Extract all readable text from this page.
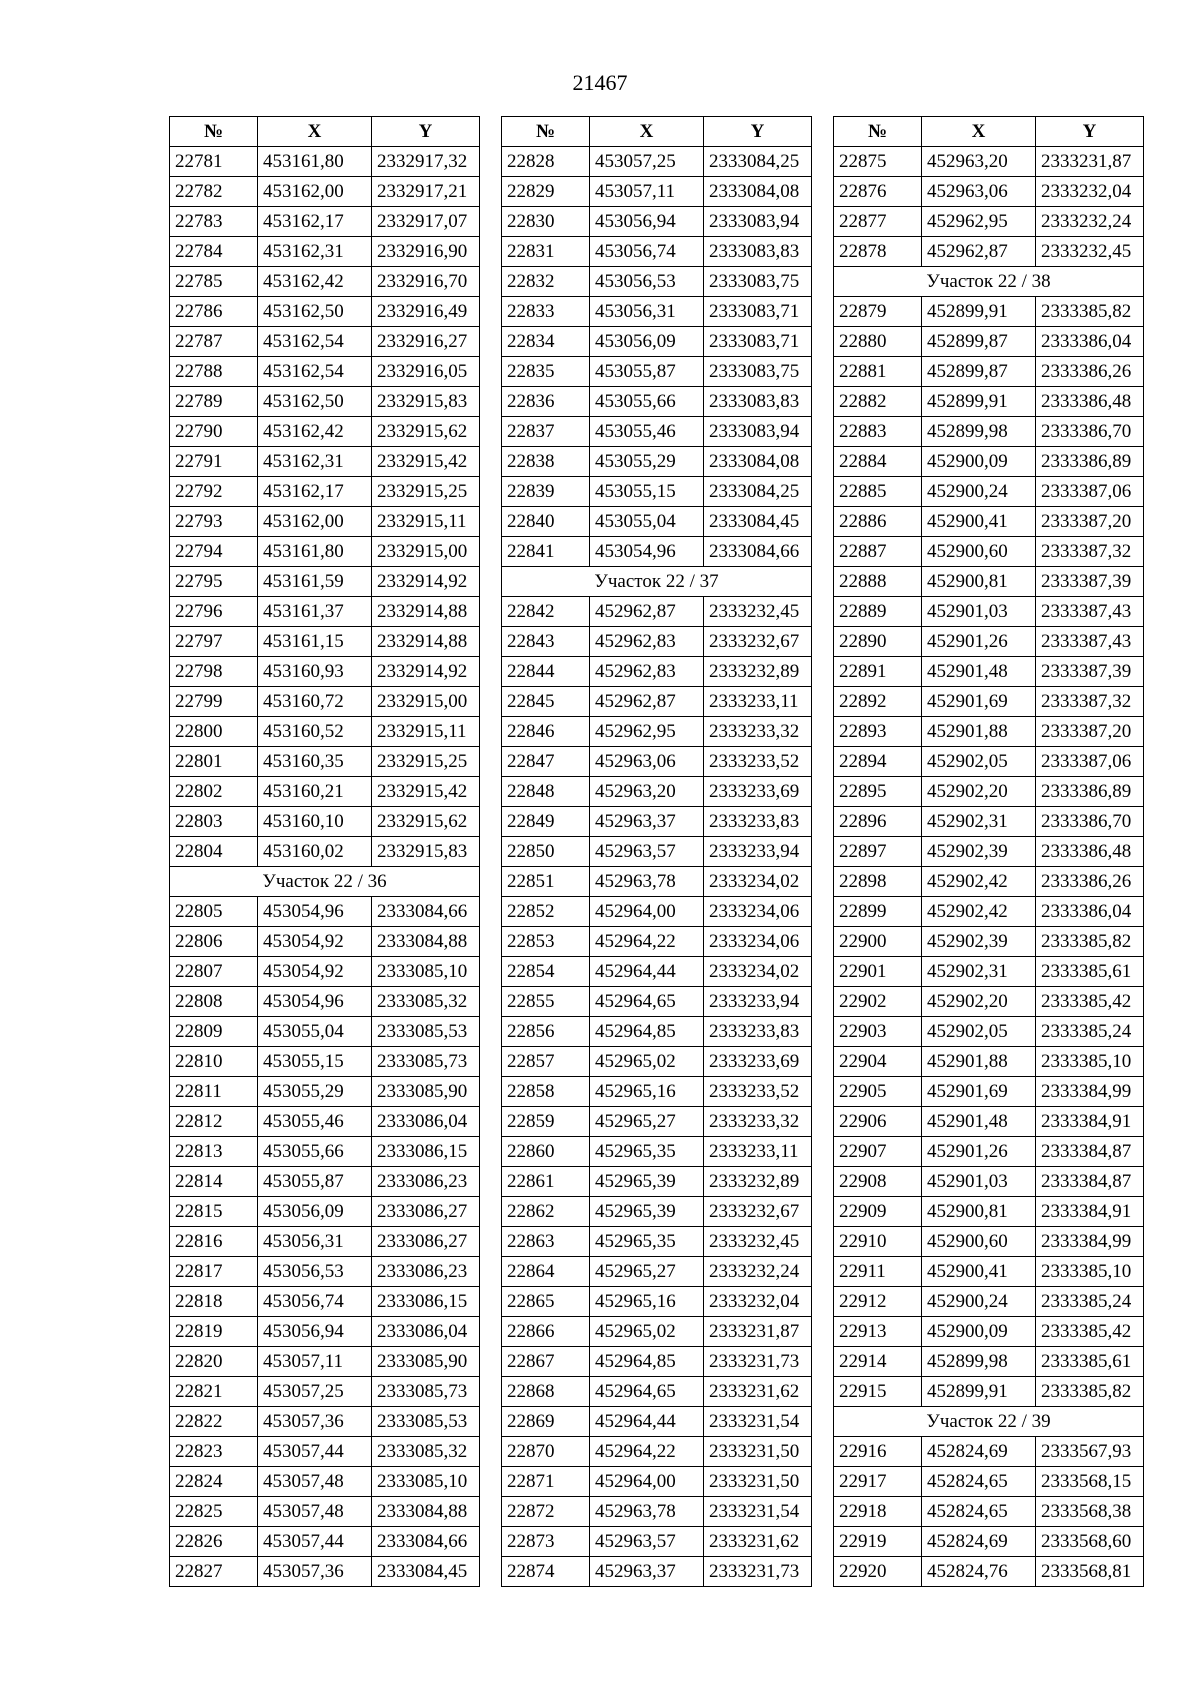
21467
№	X	Y
22781	453161,80	2332917,32
22782	453162,00	2332917,21
22783	453162,17	2332917,07
22784	453162,31	2332916,90
22785	453162,42	2332916,70
22786	453162,50	2332916,49
22787	453162,54	2332916,27
22788	453162,54	2332916,05
22789	453162,50	2332915,83
22790	453162,42	2332915,62
22791	453162,31	2332915,42
22792	453162,17	2332915,25
22793	453162,00	2332915,11
22794	453161,80	2332915,00
22795	453161,59	2332914,92
22796	453161,37	2332914,88
22797	453161,15	2332914,88
22798	453160,93	2332914,92
22799	453160,72	2332915,00
22800	453160,52	2332915,11
22801	453160,35	2332915,25
22802	453160,21	2332915,42
22803	453160,10	2332915,62
22804	453160,02	2332915,83
Участок 22 / 36		
22805	453054,96	2333084,66
22806	453054,92	2333084,88
22807	453054,92	2333085,10
22808	453054,96	2333085,32
22809	453055,04	2333085,53
22810	453055,15	2333085,73
22811	453055,29	2333085,90
22812	453055,46	2333086,04
22813	453055,66	2333086,15
22814	453055,87	2333086,23
22815	453056,09	2333086,27
22816	453056,31	2333086,27
22817	453056,53	2333086,23
22818	453056,74	2333086,15
22819	453056,94	2333086,04
22820	453057,11	2333085,90
22821	453057,25	2333085,73
22822	453057,36	2333085,53
22823	453057,44	2333085,32
22824	453057,48	2333085,10
22825	453057,48	2333084,88
22826	453057,44	2333084,66
22827	453057,36	2333084,45
№	X	Y
22828	453057,25	2333084,25
22829	453057,11	2333084,08
22830	453056,94	2333083,94
22831	453056,74	2333083,83
22832	453056,53	2333083,75
22833	453056,31	2333083,71
22834	453056,09	2333083,71
22835	453055,87	2333083,75
22836	453055,66	2333083,83
22837	453055,46	2333083,94
22838	453055,29	2333084,08
22839	453055,15	2333084,25
22840	453055,04	2333084,45
22841	453054,96	2333084,66
Участок 22 / 37		
22842	452962,87	2333232,45
22843	452962,83	2333232,67
22844	452962,83	2333232,89
22845	452962,87	2333233,11
22846	452962,95	2333233,32
22847	452963,06	2333233,52
22848	452963,20	2333233,69
22849	452963,37	2333233,83
22850	452963,57	2333233,94
22851	452963,78	2333234,02
22852	452964,00	2333234,06
22853	452964,22	2333234,06
22854	452964,44	2333234,02
22855	452964,65	2333233,94
22856	452964,85	2333233,83
22857	452965,02	2333233,69
22858	452965,16	2333233,52
22859	452965,27	2333233,32
22860	452965,35	2333233,11
22861	452965,39	2333232,89
22862	452965,39	2333232,67
22863	452965,35	2333232,45
22864	452965,27	2333232,24
22865	452965,16	2333232,04
22866	452965,02	2333231,87
22867	452964,85	2333231,73
22868	452964,65	2333231,62
22869	452964,44	2333231,54
22870	452964,22	2333231,50
22871	452964,00	2333231,50
22872	452963,78	2333231,54
22873	452963,57	2333231,62
22874	452963,37	2333231,73
№	X	Y
22875	452963,20	2333231,87
22876	452963,06	2333232,04
22877	452962,95	2333232,24
22878	452962,87	2333232,45
Участок 22 / 38		
22879	452899,91	2333385,82
22880	452899,87	2333386,04
22881	452899,87	2333386,26
22882	452899,91	2333386,48
22883	452899,98	2333386,70
22884	452900,09	2333386,89
22885	452900,24	2333387,06
22886	452900,41	2333387,20
22887	452900,60	2333387,32
22888	452900,81	2333387,39
22889	452901,03	2333387,43
22890	452901,26	2333387,43
22891	452901,48	2333387,39
22892	452901,69	2333387,32
22893	452901,88	2333387,20
22894	452902,05	2333387,06
22895	452902,20	2333386,89
22896	452902,31	2333386,70
22897	452902,39	2333386,48
22898	452902,42	2333386,26
22899	452902,42	2333386,04
22900	452902,39	2333385,82
22901	452902,31	2333385,61
22902	452902,20	2333385,42
22903	452902,05	2333385,24
22904	452901,88	2333385,10
22905	452901,69	2333384,99
22906	452901,48	2333384,91
22907	452901,26	2333384,87
22908	452901,03	2333384,87
22909	452900,81	2333384,91
22910	452900,60	2333384,99
22911	452900,41	2333385,10
22912	452900,24	2333385,24
22913	452900,09	2333385,42
22914	452899,98	2333385,61
22915	452899,91	2333385,82
Участок 22 / 39		
22916	452824,69	2333567,93
22917	452824,65	2333568,15
22918	452824,65	2333568,38
22919	452824,69	2333568,60
22920	452824,76	2333568,81
